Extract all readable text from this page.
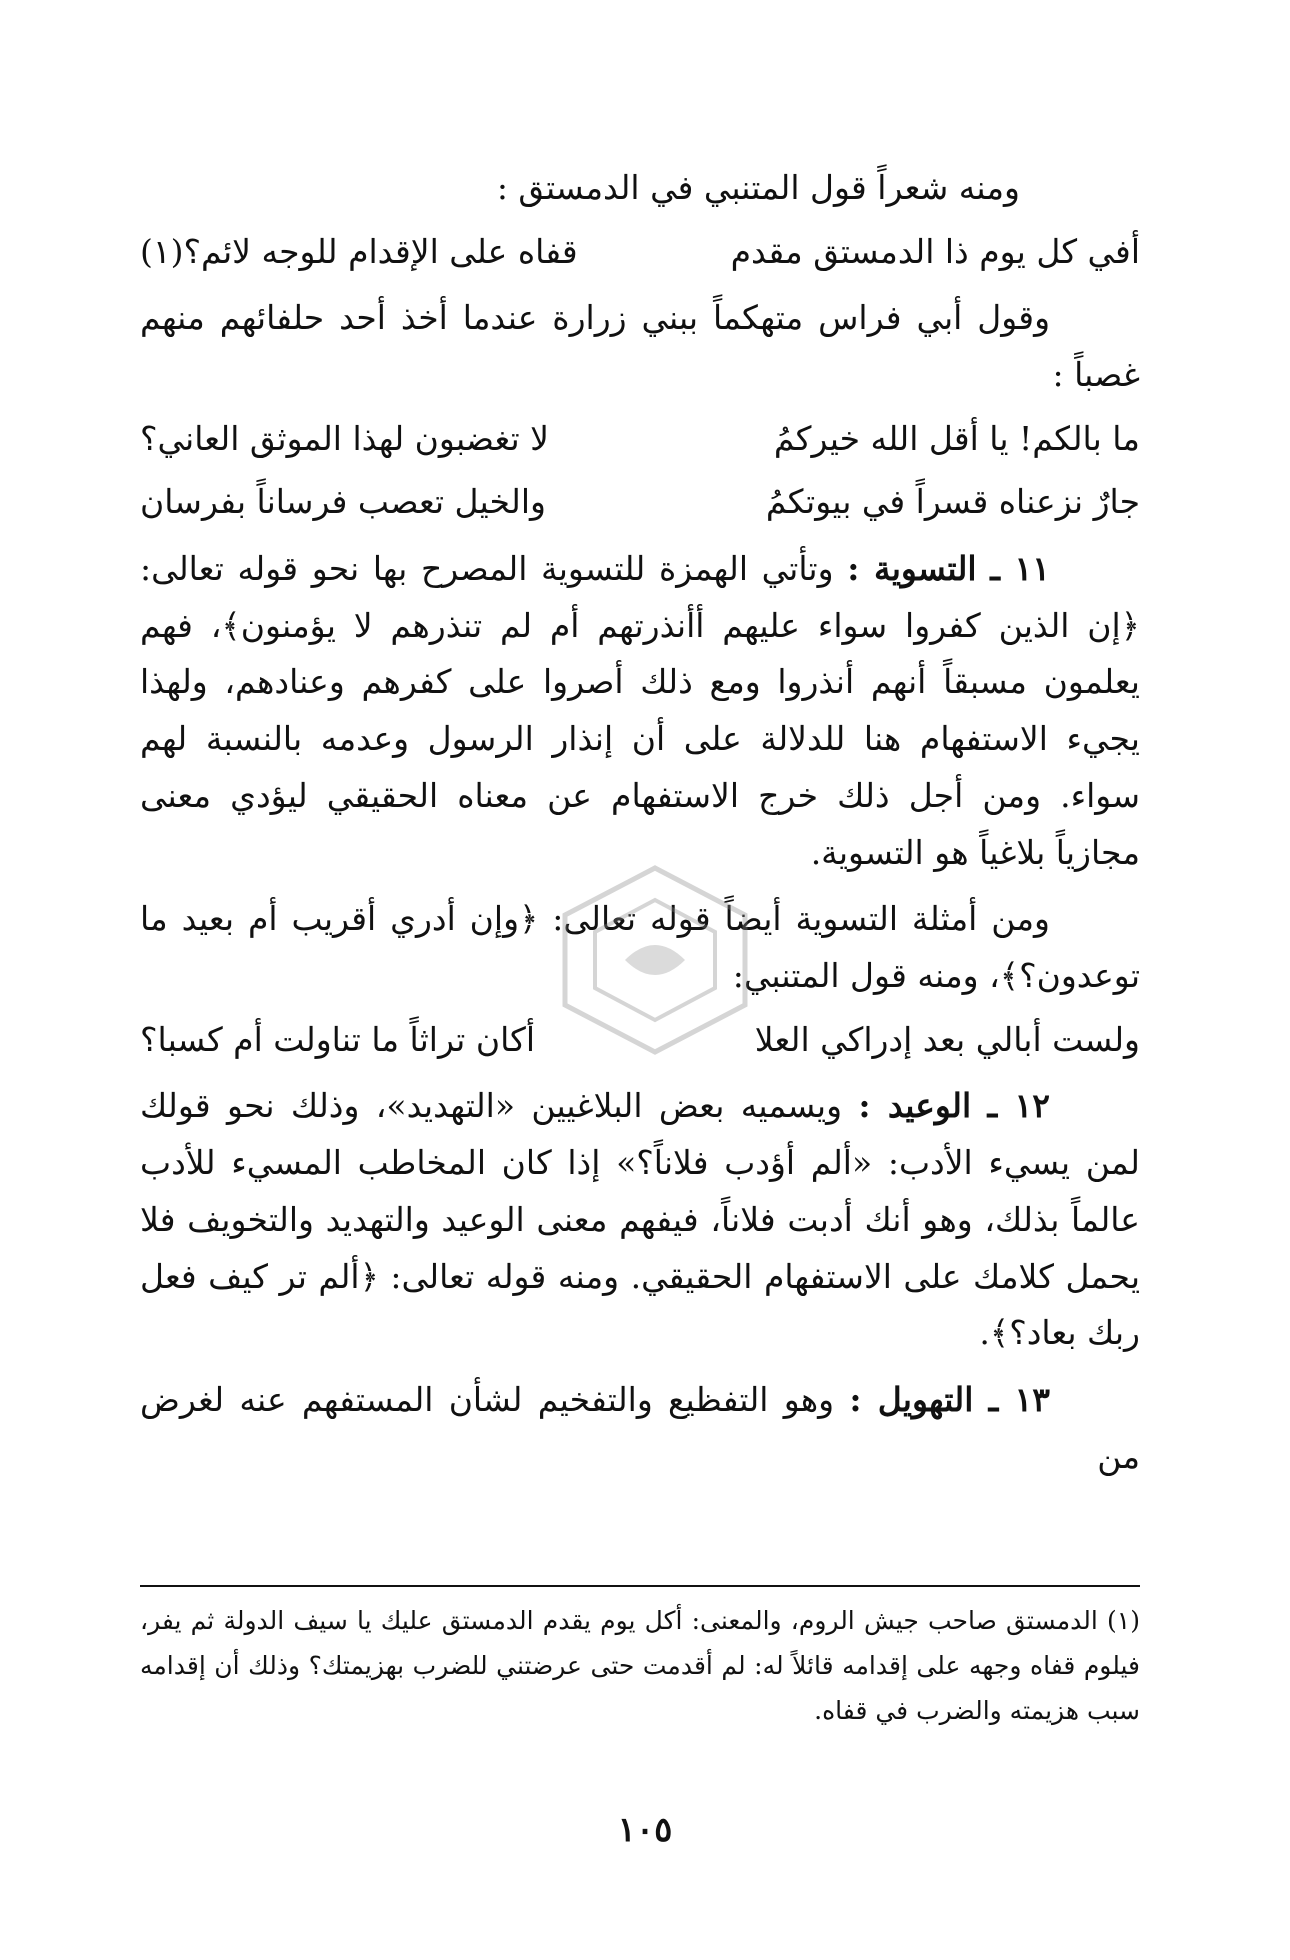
ومنه شعراً قول المتنبي في الدمستق :

أفي كل يوم ذا الدمستق مقدم
قفاه على الإقدام للوجه لائم؟(١)

وقول أبي فراس متهكماً ببني زرارة عندما أخذ أحد حلفائهم منهم غصباً :

ما بالكم! يا أقل الله خيركمُ
لا تغضبون لهذا الموثق العاني؟
جارٌ نزعناه قسراً في بيوتكمُ
والخيل تعصب فرساناً بفرسان

١١ ـ التسوية : وتأتي الهمزة للتسوية المصرح بها نحو قوله تعالى: ﴿إن الذين كفروا سواء عليهم أأنذرتهم أم لم تنذرهم لا يؤمنون﴾، فهم يعلمون مسبقاً أنهم أنذروا ومع ذلك أصروا على كفرهم وعنادهم، ولهذا يجيء الاستفهام هنا للدلالة على أن إنذار الرسول وعدمه بالنسبة لهم سواء. ومن أجل ذلك خرج الاستفهام عن معناه الحقيقي ليؤدي معنى مجازياً بلاغياً هو التسوية.

ومن أمثلة التسوية أيضاً قوله تعالى: ﴿وإن أدري أقريب أم بعيد ما توعدون؟﴾، ومنه قول المتنبي:

ولست أبالي بعد إدراكي العلا
أكان تراثاً ما تناولت أم كسبا؟

١٢ ـ الوعيد : ويسميه بعض البلاغيين «التهديد»، وذلك نحو قولك لمن يسيء الأدب: «ألم أؤدب فلاناً؟» إذا كان المخاطب المسيء للأدب عالماً بذلك، وهو أنك أدبت فلاناً، فيفهم معنى الوعيد والتهديد والتخويف فلا يحمل كلامك على الاستفهام الحقيقي. ومنه قوله تعالى: ﴿ألم تر كيف فعل ربك بعاد؟﴾.

١٣ ـ التهويل : وهو التفظيع والتفخيم لشأن المستفهم عنه لغرض من

(١) الدمستق صاحب جيش الروم، والمعنى: أكل يوم يقدم الدمستق عليك يا سيف الدولة ثم يفر، فيلوم قفاه وجهه على إقدامه قائلاً له: لم أقدمت حتى عرضتني للضرب بهزيمتك؟ وذلك أن إقدامه سبب هزيمته والضرب في قفاه.
١٠٥
